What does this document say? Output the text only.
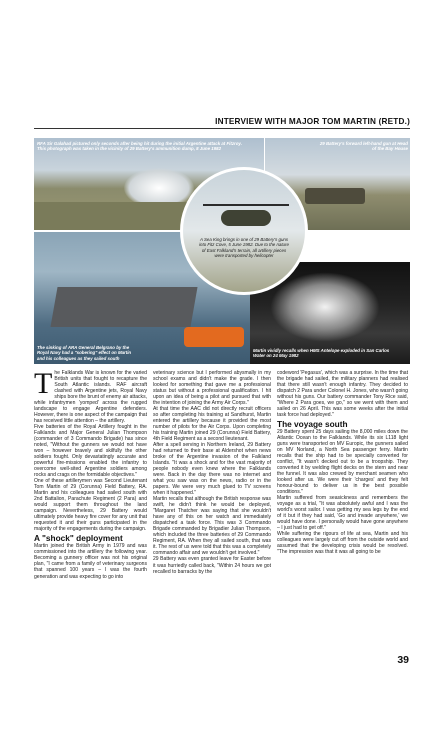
INTERVIEW WITH MAJOR TOM MARTIN (RETD.)
RFA Sir Galahad pictured only seconds after being hit during the initial Argentine attack at Fitzroy. This photograph was taken in the vicinity of 29 Battery's ammunition dump, 8 June 1982
29 Battery's forward left-hand gun at Head of the Bay House
A Sea King brings in one of 29 Battery's guns into Fitz Cove, 5 June 1982. Due to the nature of East Falkland's terrain, all artillery pieces were transported by helicopter
The sinking of ARA General Belgrano by the Royal Navy had a "sobering" effect on Martin and his colleagues as they sailed south
Martin vividly recalls when HMS Antelope exploded in San Carlos Water on 24 May 1982

The Falklands War is known for the varied British units that fought to recapture the South Atlantic islands. RAF aircraft clashed with Argentine jets, Royal Navy ships bore the brunt of enemy air attacks, while infantrymen 'yomped' across the rugged landscape to engage Argentine defenders. However, there is one aspect of the campaign that has received little attention – the artillery.

Five batteries of the Royal Artillery fought in the Falklands and Major General Julian Thompson (commander of 3 Commando Brigade) has since noted, "Without the gunners we would not have won – however bravely and skilfully the other soldiers fought. Only devastatingly accurate and powerful fire-missions enabled the infantry to overcome well-sited Argentine soldiers among rocks and crags on the formidable objectives."

One of these artillerymen was Second Lieutenant Tom Martin of 29 (Corunna) Field Battery, RA. Martin and his colleagues had sailed south with 2nd Battalion, Parachute Regiment (2 Para) and would support them throughout the land campaign. Nevertheless, 29 Battery would ultimately provide heavy fire cover for any unit that requested it and their guns participated in the majority of the engagements during the campaign.

A "shock" deployment

Martin joined the British Army in 1979 and was commissioned into the artillery the following year. Becoming a gunnery officer was not his original plan, "I came from a family of veterinary surgeons that spanned 100 years – I was the fourth generation and was expecting to go into

veterinary science but I performed abysmally in my school exams and didn't make the grade. I then looked for something that gave me a professional status but without a professional qualification. I hit upon an idea of being a pilot and pursued that with the intention of joining the Army Air Corps."

At that time the AAC did not directly recruit officers so after completing his training at Sandhurst, Martin entered the artillery because it provided the most number of pilots for the Air Corps. Upon completing his training Martin joined 29 (Corunna) Field Battery, 4th Field Regiment as a second lieutenant.

After a spell serving in Northern Ireland, 29 Battery had returned to their base at Aldershot when news broke of the Argentine invasion of the Falkland Islands. "It was a shock and for the vast majority of people nobody even knew where the Falklands were. Back in the day there was no internet and what you saw was on the news, radio or in the papers. We were very much glued to TV screens when it happened."

Martin recalls that although the British response was swift, he didn't think he would be deployed, "Margaret Thatcher was saying that she wouldn't have any of this on her watch and immediately dispatched a task force. This was 3 Commando Brigade commanded by Brigadier Julian Thompson, which included the three batteries of 29 Commando Regiment, RA. When they all sailed south, that was it. The rest of us were told that this was a completely commando affair and we wouldn't get involved."

29 Battery was even granted leave for Easter before it was hurriedly called back, "Within 24 hours we got recalled to barracks by the

codeword 'Pegasus', which was a surprise. In the time that the brigade had sailed, the military planners had realised that there still wasn't enough infantry. They decided to dispatch 2 Para under Colonel H. Jones, who wasn't going without his guns. Our battery commander Tony Rice said, "Where 2 Para goes, we go," so we went with them and sailed on 26 April. This was some weeks after the initial task force had deployed."

The voyage south

29 Battery spent 25 days sailing the 8,000 miles down the Atlantic Ocean to the Falklands. While its six L118 light guns were transported on MV Europic, the gunners sailed on MV Norland, a North Sea passenger ferry. Martin recalls that the ship had to be specially converted for conflict, "It wasn't decked out to be a troopship. They converted it by welding flight decks on the stern and near the funnel. It was also crewed by merchant seamen who looked after us. We were their 'charges' and they felt honour-bound to deliver us in the best possible conditions."

Martin suffered from seasickness and remembers the voyage as a trial, "It was absolutely awful and I was the world's worst sailor. I was getting my sea legs by the end of it but if they had said, 'Go and invade anywhere,' we would have done. I personally would have gone anywhere – I just had to get off."

While suffering the rigours of life at sea, Martin and his colleagues were largely cut off from the outside world and assumed that the developing crisis would be resolved. "The impression was that it was all going to be

39
